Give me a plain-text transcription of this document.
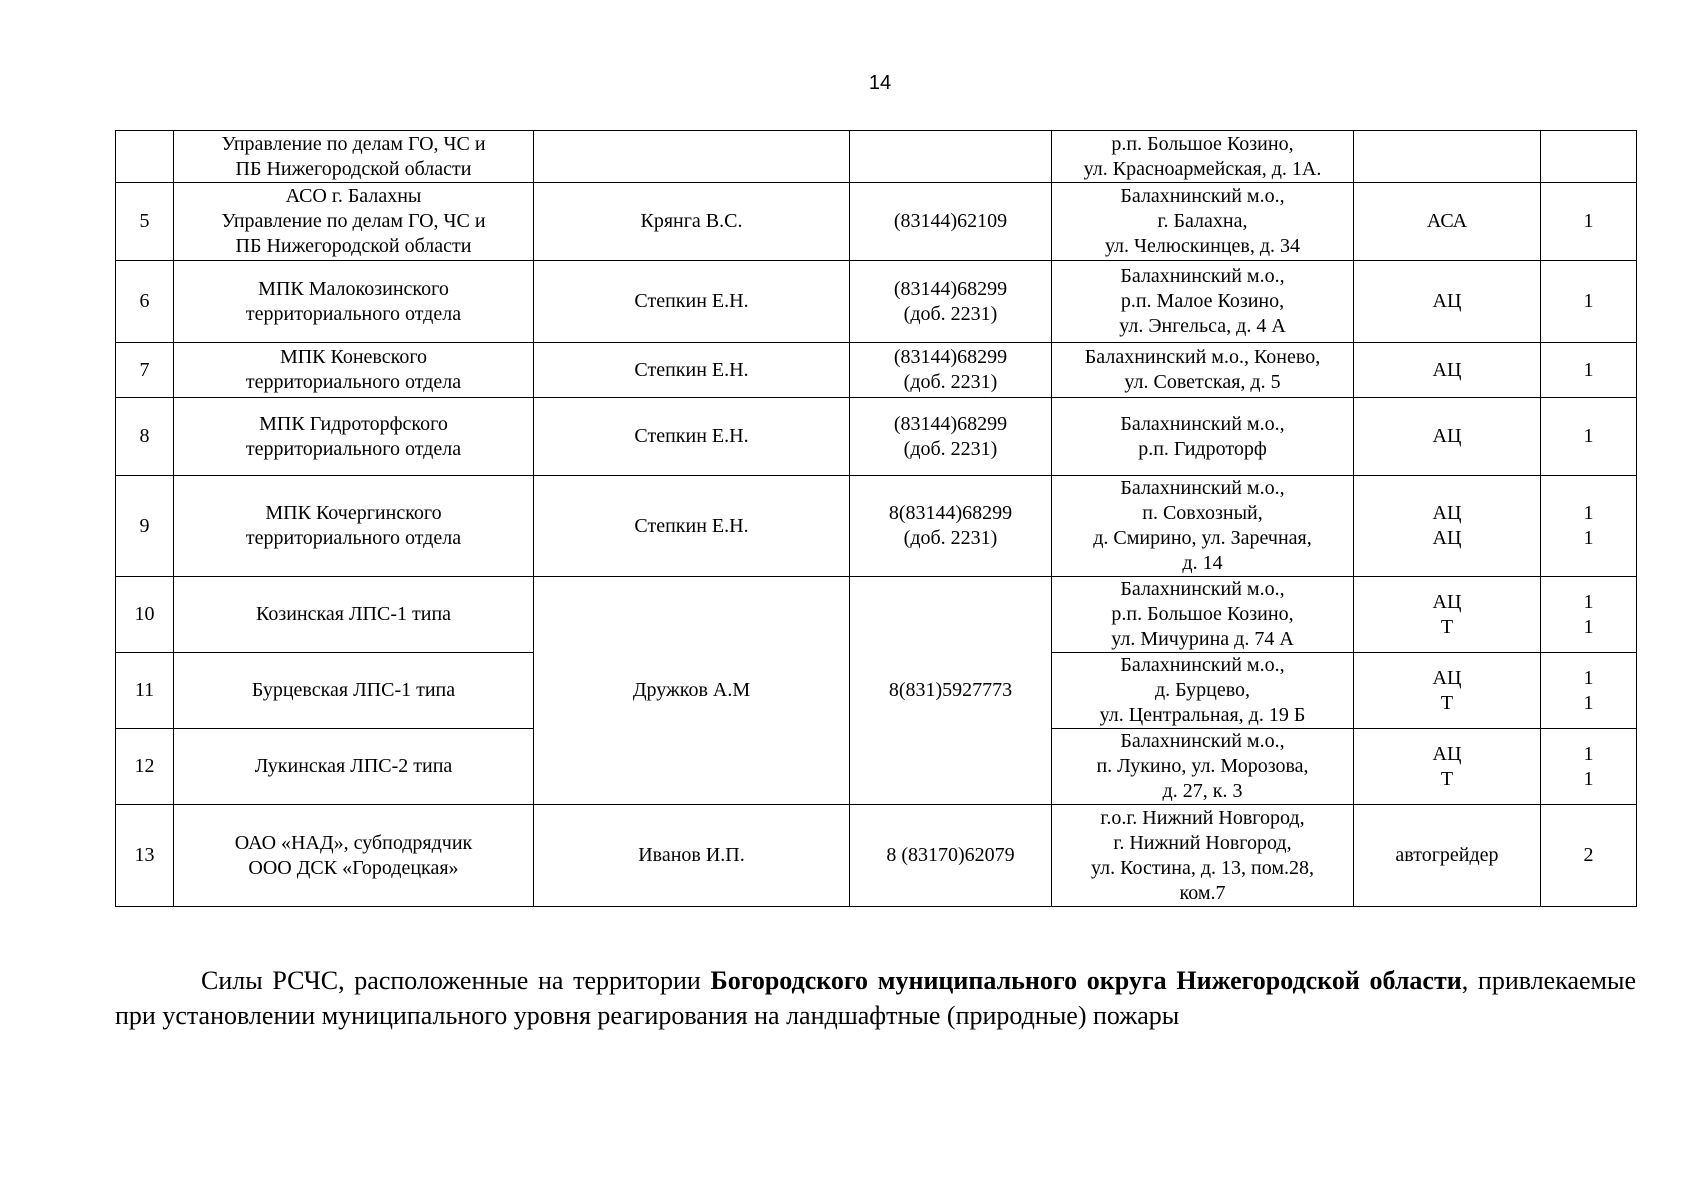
14

	Управление по делам ГО, ЧС и
ПБ Нижегородской области			р.п. Большое Козино,
ул. Красноармейская, д. 1А.		

5	АСО г. Балахны
Управление по делам ГО, ЧС и
ПБ Нижегородской области	Крянга В.С.	(83144)62109	Балахнинский м.о.,
г. Балахна,
ул. Челюскинцев, д. 34	АСА	1

6	МПК Малокозинского
территориального отдела	Степкин Е.Н.	(83144)68299
(доб. 2231)	Балахнинский м.о.,
р.п. Малое Козино,
ул. Энгельса, д. 4 А	АЦ	1

7	МПК Коневского
территориального отдела	Степкин Е.Н.	(83144)68299
(доб. 2231)	Балахнинский м.о., Конево,
ул. Советская, д. 5	АЦ	1

8	МПК Гидроторфского
территориального отдела	Степкин Е.Н.	(83144)68299
(доб. 2231)	Балахнинский м.о.,
р.п. Гидроторф	АЦ	1

9	МПК Кочергинского
территориального отдела	Степкин Е.Н.	8(83144)68299
(доб. 2231)	Балахнинский м.о.,
п. Совхозный,
д. Смирино, ул. Заречная,
д. 14	АЦ
АЦ	1
1

10	Козинская ЛПС-1 типа	Дружков А.М	8(831)5927773	Балахнинский м.о.,
р.п. Большое Козино,
ул. Мичурина д. 74 А	АЦ
Т	1
1

11	Бурцевская ЛПС-1 типа			Балахнинский м.о.,
д. Бурцево,
ул. Центральная, д. 19 Б	АЦ
Т	1
1

12	Лукинская ЛПС-2 типа			Балахнинский м.о.,
п. Лукино, ул. Морозова,
д. 27, к. 3	АЦ
Т	1
1

13	ОАО «НАД», субподрядчик
ООО ДСК «Городецкая»	Иванов И.П.	8 (83170)62079	г.о.г. Нижний Новгород,
г. Нижний Новгород,
ул. Костина, д. 13, пом.28,
ком.7	автогрейдер	2

Силы РСЧС, расположенные на территории Богородского муниципального округа Нижегородской области, привлекаемые при установлении муниципального уровня реагирования на ландшафтные (природные) пожары
